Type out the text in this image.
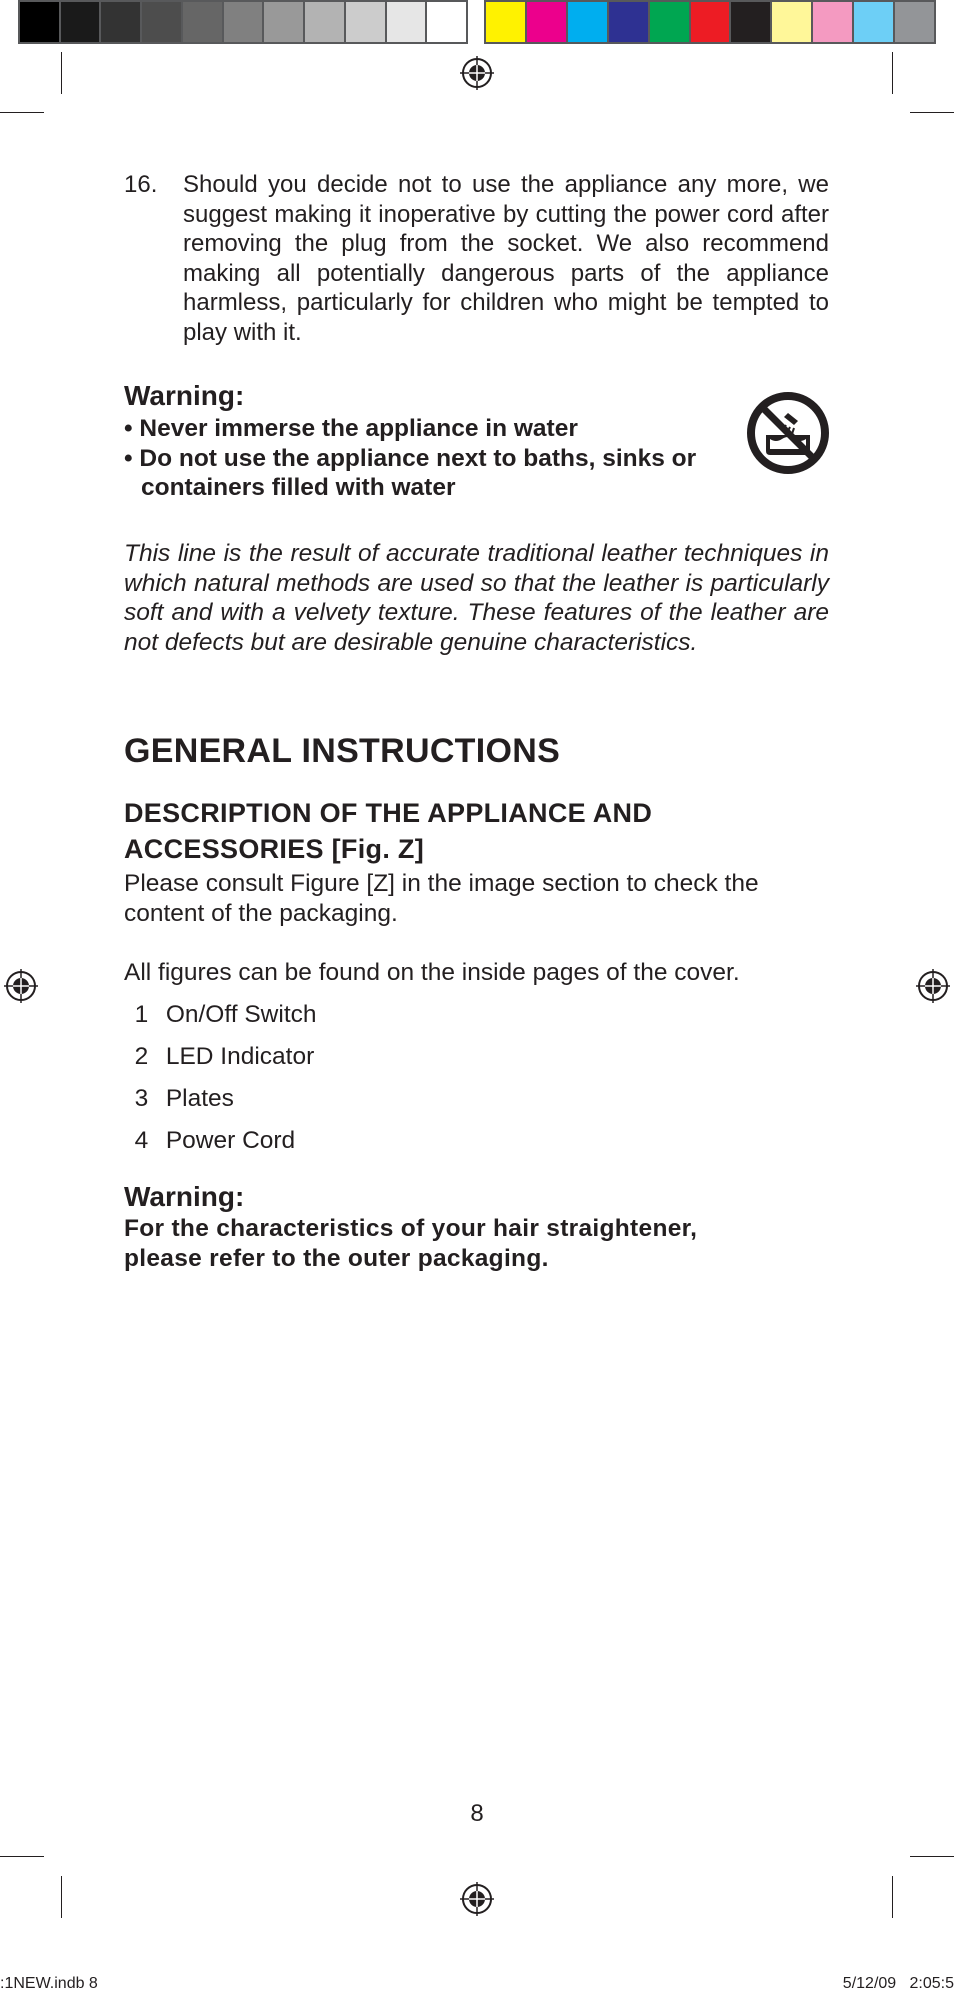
16. Should you decide not to use the appliance any more, we suggest making it inoperative by cutting the power cord after removing the plug from the socket. We also recommend making all potentially dangerous parts of the appliance harmless, particularly for children who might be tempted to play with it.
Warning:
• Never immerse the appliance in water
• Do not use the appliance next to baths, sinks or containers filled with water
This line is the result of accurate traditional leather techniques in which natural methods are used so that the leather is particularly soft and with a velvety texture. These features of the leather are not defects but are desirable genuine characteristics.
GENERAL INSTRUCTIONS
DESCRIPTION OF THE APPLIANCE AND ACCESSORIES [Fig. Z]
Please consult Figure [Z] in the image section to check the content of the packaging.
All figures can be found on the inside pages of the cover.
1 On/Off Switch
2 LED Indicator
3 Plates
4 Power Cord
Warning:
For the characteristics of your hair straightener, please refer to the outer packaging.
8
:1NEW.indb 8	5/12/09   2:05:5
